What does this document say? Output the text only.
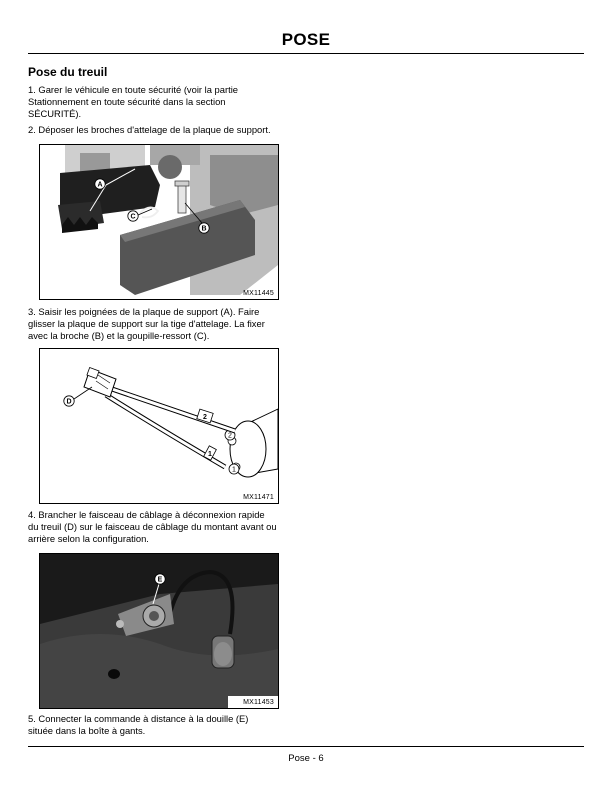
POSE
Pose du treuil
1. Garer le véhicule en toute sécurité (voir la partie
Stationnement en toute sécurité dans la section
SÉCURITÉ).
2. Déposer les broches d'attelage de la plaque de support.
A
C
B
MX11445
3. Saisir les poignées de la plaque de support (A). Faire
glisser la plaque de support sur la tige d'attelage. La fixer
avec la broche (B) et la goupille-ressort (C).
2
1
2
1
D
MX11471
4. Brancher le faisceau de câblage à déconnexion rapide
du treuil (D) sur le faisceau de câblage du montant avant ou
arrière selon la configuration.
E
MX11453
5. Connecter la commande à distance à la douille (E)
située dans la boîte à gants.
Pose - 6
